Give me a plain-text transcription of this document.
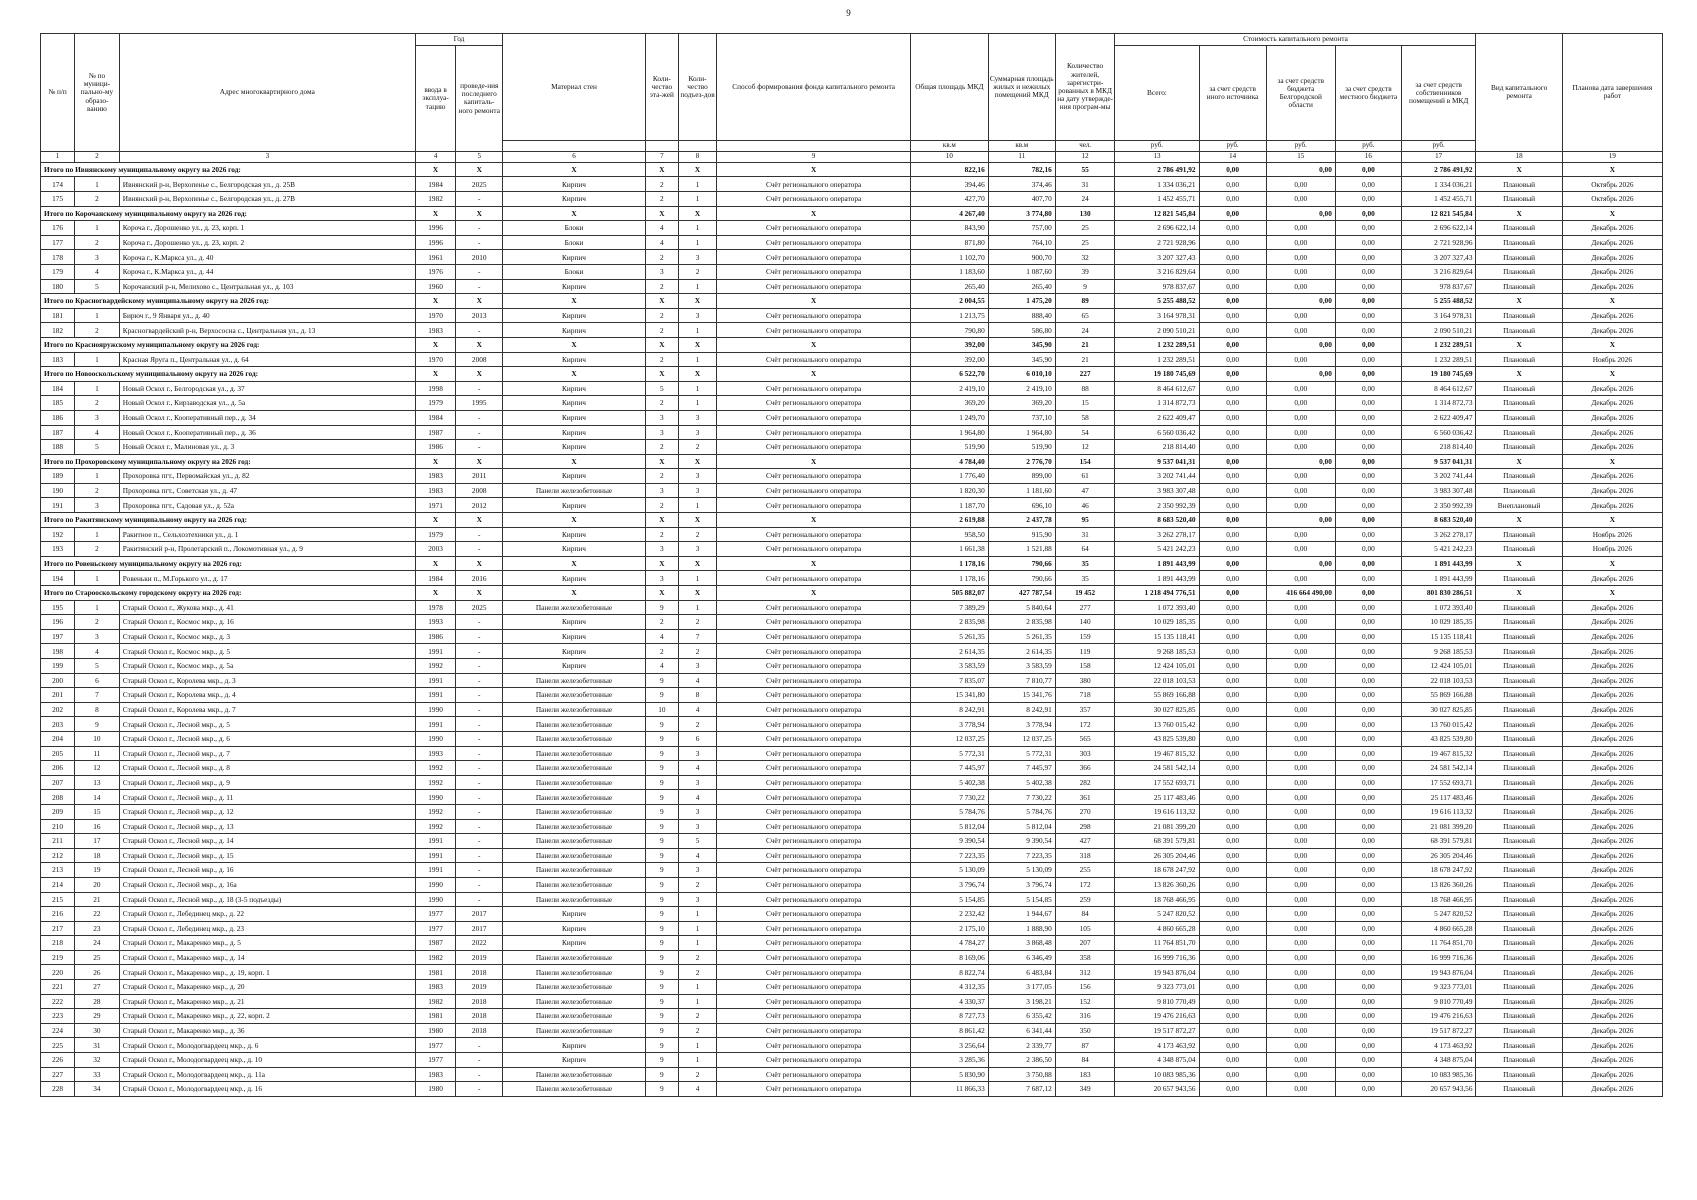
9
№ п/п	№ по муници-пально-му образо-ванию	Адрес многоквартирного дома	Год		Материал стен	Коли-чество эта-жей	Коли-чество подъез-дов	Способ формирования фонда капитального ремонта	Общая площадь МКД	Суммарная площадь жилых и нежилых помещений МКД	Количество жителей, зарегистри-рованных в МКД на дату утвержде-ния програм-мы	Стоимость капитального ремонта					Вид капитального ремонта	Планова дата завершения работ
			ввода в эксплуа-тацию	проведе-ния последнего капиталь-ного ремонта								Всего:	за счет средств иного источника	за счет средств бюджета Белгородской области	за счет средств местного бюджета	за счет средств собственников помещений в МКД		
									кв.м	кв.м	чел.	руб.	руб.	руб.	руб.	руб.		
1	2	3	4	5	6	7	8	9	10	11	12	13	14	15	16	17	18	19
Итого по Ивнянскому муниципальному округу на 2026 год:			X	X	X	X	X	X	822,16	782,16	55	2 786 491,92	0,00	0,00	0,00	2 786 491,92	X	X
174	1	Ивнянский р-н, Верхопенье с., Белгородская ул., д. 25В	1984	2025	Кирпич	2	1	Счёт регионального оператора	394,46	374,46	31	1 334 036,21	0,00	0,00	0,00	1 334 036,21	Плановый	Октябрь 2026
175	2	Ивнянский р-н, Верхопенье с., Белгородская ул., д. 27В	1982	-	Кирпич	2	1	Счёт регионального оператора	427,70	407,70	24	1 452 455,71	0,00	0,00	0,00	1 452 455,71	Плановый	Октябрь 2026
Итого по Корочанскому муниципальному округу на 2026 год:			X	X	X	X	X	X	4 267,40	3 774,80	130	12 821 545,84	0,00	0,00	0,00	12 821 545,84	X	X
176	1	Короча г., Дорошенко ул., д. 23, корп. 1	1996	-	Блоки	4	1	Счёт регионального оператора	843,90	757,00	25	2 696 622,14	0,00	0,00	0,00	2 696 622,14	Плановый	Декабрь 2026
177	2	Короча г., Дорошенко ул., д. 23, корп. 2	1996	-	Блоки	4	1	Счёт регионального оператора	871,80	764,10	25	2 721 928,96	0,00	0,00	0,00	2 721 928,96	Плановый	Декабрь 2026
178	3	Короча г., К.Маркса ул., д. 40	1961	2010	Кирпич	2	3	Счёт регионального оператора	1 102,70	900,70	32	3 207 327,43	0,00	0,00	0,00	3 207 327,43	Плановый	Декабрь 2026
179	4	Короча г., К.Маркса ул., д. 44	1976	-	Блоки	3	2	Счёт регионального оператора	1 183,60	1 087,60	39	3 216 829,64	0,00	0,00	0,00	3 216 829,64	Плановый	Декабрь 2026
180	5	Корочанский р-н, Мелихово с., Центральная ул., д. 103	1960	-	Кирпич	2	1	Счёт регионального оператора	265,40	265,40	9	978 837,67	0,00	0,00	0,00	978 837,67	Плановый	Декабрь 2026
Итого по Красногвардейскому муниципальному округу на 2026 год:			X	X	X	X	X	X	2 004,55	1 475,20	89	5 255 488,52	0,00	0,00	0,00	5 255 488,52	X	X
181	1	Бирюч г., 9 Января ул., д. 40	1970	2013	Кирпич	2	3	Счёт регионального оператора	1 213,75	888,40	65	3 164 978,31	0,00	0,00	0,00	3 164 978,31	Плановый	Декабрь 2026
182	2	Красногвардейский р-н, Верхососна с., Центральная ул., д. 13	1983	-	Кирпич	2	1	Счёт регионального оператора	790,80	586,80	24	2 090 510,21	0,00	0,00	0,00	2 090 510,21	Плановый	Декабрь 2026
Итого по Краснояружскому муниципальному округу на 2026 год:			X	X	X	X	X	X	392,00	345,90	21	1 232 289,51	0,00	0,00	0,00	1 232 289,51	X	X
183	1	Красная Яруга п., Центральная ул., д. 64	1970	2008	Кирпич	2	1	Счёт регионального оператора	392,00	345,90	21	1 232 289,51	0,00	0,00	0,00	1 232 289,51	Плановый	Ноябрь 2026
Итого по Новооскольскому муниципальному округу на 2026 год:			X	X	X	X	X	X	6 522,70	6 010,10	227	19 180 745,69	0,00	0,00	0,00	19 180 745,69	X	X
184	1	Новый Оскол г., Белгородская ул., д. 37	1998	-	Кирпич	5	1	Счёт регионального оператора	2 419,10	2 419,10	88	8 464 612,67	0,00	0,00	0,00	8 464 612,67	Плановый	Декабрь 2026
185	2	Новый Оскол г., Кирзаводская ул., д. 5а	1979	1995	Кирпич	2	1	Счёт регионального оператора	369,20	369,20	15	1 314 872,73	0,00	0,00	0,00	1 314 872,73	Плановый	Декабрь 2026
186	3	Новый Оскол г., Кооперативный пер., д. 34	1984	-	Кирпич	3	3	Счёт регионального оператора	1 249,70	737,10	58	2 622 409,47	0,00	0,00	0,00	2 622 409,47	Плановый	Декабрь 2026
187	4	Новый Оскол г., Кооперативный пер., д. 36	1987	-	Кирпич	3	3	Счёт регионального оператора	1 964,80	1 964,80	54	6 560 036,42	0,00	0,00	0,00	6 560 036,42	Плановый	Декабрь 2026
188	5	Новый Оскол г., Малиновая ул., д. 3	1986	-	Кирпич	2	2	Счёт регионального оператора	519,90	519,90	12	218 814,40	0,00	0,00	0,00	218 814,40	Плановый	Декабрь 2026
Итого по Прохоровскому муниципальному округу на 2026 год:			X	X	X	X	X	X	4 784,40	2 776,70	154	9 537 041,31	0,00	0,00	0,00	9 537 041,31	X	X
189	1	Прохоровка пгт., Первомайская ул., д. 82	1983	2011	Кирпич	2	3	Счёт регионального оператора	1 776,40	899,00	61	3 202 741,44	0,00	0,00	0,00	3 202 741,44	Плановый	Декабрь 2026
190	2	Прохоровка пгт., Советская ул., д. 47	1983	2008	Панели железобетонные	3	3	Счёт регионального оператора	1 820,30	1 181,60	47	3 983 307,48	0,00	0,00	0,00	3 983 307,48	Плановый	Декабрь 2026
191	3	Прохоровка пгт., Садовая ул., д. 52а	1971	2012	Кирпич	2	1	Счёт регионального оператора	1 187,70	696,10	46	2 350 992,39	0,00	0,00	0,00	2 350 992,39	Внеплановый	Декабрь 2026
Итого по Ракитянскому муниципальному округу на 2026 год:			X	X	X	X	X	X	2 619,88	2 437,78	95	8 683 520,40	0,00	0,00	0,00	8 683 520,40	X	X
192	1	Ракитное п., Сельхозтехники ул., д. 1	1979	-	Кирпич	2	2	Счёт регионального оператора	958,50	915,90	31	3 262 278,17	0,00	0,00	0,00	3 262 278,17	Плановый	Ноябрь 2026
193	2	Ракитянский р-н, Пролетарский п., Локомотивная ул., д. 9	2003	-	Кирпич	3	3	Счёт регионального оператора	1 661,38	1 521,88	64	5 421 242,23	0,00	0,00	0,00	5 421 242,23	Плановый	Ноябрь 2026
Итого по Ровеньскому муниципальному округу на 2026 год:			X	X	X	X	X	X	1 178,16	790,66	35	1 891 443,99	0,00	0,00	0,00	1 891 443,99	X	X
194	1	Ровеньки п., М.Горького ул., д. 17	1984	2016	Кирпич	3	1	Счёт регионального оператора	1 178,16	790,66	35	1 891 443,99	0,00	0,00	0,00	1 891 443,99	Плановый	Декабрь 2026
Итого по Старооскольскому городскому округу на 2026 год:			X	X	X	X	X	X	505 882,07	427 787,54	19 452	1 218 494 776,51	0,00	416 664 490,00	0,00	801 830 286,51	X	X
195	1	Старый Оскол г., Жукова мкр., д. 41	1978	2025	Панели железобетонные	9	1	Счёт регионального оператора	7 389,29	5 840,64	277	1 072 393,40	0,00	0,00	0,00	1 072 393,40	Плановый	Декабрь 2026
196	2	Старый Оскол г., Космос мкр., д. 16	1993	-	Кирпич	2	2	Счёт регионального оператора	2 835,98	2 835,98	140	10 029 185,35	0,00	0,00	0,00	10 029 185,35	Плановый	Декабрь 2026
197	3	Старый Оскол г., Космос мкр., д. 3	1986	-	Кирпич	4	7	Счёт регионального оператора	5 261,35	5 261,35	159	15 135 118,41	0,00	0,00	0,00	15 135 118,41	Плановый	Декабрь 2026
198	4	Старый Оскол г., Космос мкр., д. 5	1991	-	Кирпич	2	2	Счёт регионального оператора	2 614,35	2 614,35	119	9 268 185,53	0,00	0,00	0,00	9 268 185,53	Плановый	Декабрь 2026
199	5	Старый Оскол г., Космос мкр., д. 5а	1992	-	Кирпич	4	3	Счёт регионального оператора	3 583,59	3 583,59	158	12 424 105,01	0,00	0,00	0,00	12 424 105,01	Плановый	Декабрь 2026
200	6	Старый Оскол г., Королева мкр., д. 3	1991	-	Панели железобетонные	9	4	Счёт регионального оператора	7 835,07	7 810,77	380	22 018 103,53	0,00	0,00	0,00	22 018 103,53	Плановый	Декабрь 2026
201	7	Старый Оскол г., Королева мкр., д. 4	1991	-	Панели железобетонные	9	8	Счёт регионального оператора	15 341,80	15 341,76	718	55 869 166,88	0,00	0,00	0,00	55 869 166,88	Плановый	Декабрь 2026
202	8	Старый Оскол г., Королева мкр., д. 7	1990	-	Панели железобетонные	10	4	Счёт регионального оператора	8 242,91	8 242,91	357	30 027 825,85	0,00	0,00	0,00	30 027 825,85	Плановый	Декабрь 2026
203	9	Старый Оскол г., Лесной мкр., д. 5	1991	-	Панели железобетонные	9	2	Счёт регионального оператора	3 778,94	3 778,94	172	13 760 015,42	0,00	0,00	0,00	13 760 015,42	Плановый	Декабрь 2026
204	10	Старый Оскол г., Лесной мкр., д. 6	1990	-	Панели железобетонные	9	6	Счёт регионального оператора	12 037,25	12 037,25	565	43 825 539,80	0,00	0,00	0,00	43 825 539,80	Плановый	Декабрь 2026
205	11	Старый Оскол г., Лесной мкр., д. 7	1993	-	Панели железобетонные	9	3	Счёт регионального оператора	5 772,31	5 772,31	303	19 467 815,32	0,00	0,00	0,00	19 467 815,32	Плановый	Декабрь 2026
206	12	Старый Оскол г., Лесной мкр., д. 8	1992	-	Панели железобетонные	9	4	Счёт регионального оператора	7 445,97	7 445,97	366	24 581 542,14	0,00	0,00	0,00	24 581 542,14	Плановый	Декабрь 2026
207	13	Старый Оскол г., Лесной мкр., д. 9	1992	-	Панели железобетонные	9	3	Счёт регионального оператора	5 402,38	5 402,38	282	17 552 693,71	0,00	0,00	0,00	17 552 693,71	Плановый	Декабрь 2026
208	14	Старый Оскол г., Лесной мкр., д. 11	1990	-	Панели железобетонные	9	4	Счёт регионального оператора	7 730,22	7 730,22	361	25 117 483,46	0,00	0,00	0,00	25 117 483,46	Плановый	Декабрь 2026
209	15	Старый Оскол г., Лесной мкр., д. 12	1992	-	Панели железобетонные	9	3	Счёт регионального оператора	5 784,76	5 784,76	270	19 616 113,32	0,00	0,00	0,00	19 616 113,32	Плановый	Декабрь 2026
210	16	Старый Оскол г., Лесной мкр., д. 13	1992	-	Панели железобетонные	9	3	Счёт регионального оператора	5 812,04	5 812,04	298	21 081 399,20	0,00	0,00	0,00	21 081 399,20	Плановый	Декабрь 2026
211	17	Старый Оскол г., Лесной мкр., д. 14	1991	-	Панели железобетонные	9	5	Счёт регионального оператора	9 390,54	9 390,54	427	68 391 579,81	0,00	0,00	0,00	68 391 579,81	Плановый	Декабрь 2026
212	18	Старый Оскол г., Лесной мкр., д. 15	1991	-	Панели железобетонные	9	4	Счёт регионального оператора	7 223,35	7 223,35	318	26 305 204,46	0,00	0,00	0,00	26 305 204,46	Плановый	Декабрь 2026
213	19	Старый Оскол г., Лесной мкр., д. 16	1991	-	Панели железобетонные	9	3	Счёт регионального оператора	5 130,09	5 130,09	255	18 678 247,92	0,00	0,00	0,00	18 678 247,92	Плановый	Декабрь 2026
214	20	Старый Оскол г., Лесной мкр., д. 16а	1990	-	Панели железобетонные	9	2	Счёт регионального оператора	3 796,74	3 796,74	172	13 826 360,26	0,00	0,00	0,00	13 826 360,26	Плановый	Декабрь 2026
215	21	Старый Оскол г., Лесной мкр., д. 18 (3-5 подъезды)	1990	-	Панели железобетонные	9	3	Счёт регионального оператора	5 154,85	5 154,85	259	18 768 466,95	0,00	0,00	0,00	18 768 466,95	Плановый	Декабрь 2026
216	22	Старый Оскол г., Лебединец мкр., д. 22	1977	2017	Кирпич	9	1	Счёт регионального оператора	2 232,42	1 944,67	84	5 247 820,52	0,00	0,00	0,00	5 247 820,52	Плановый	Декабрь 2026
217	23	Старый Оскол г., Лебединец мкр., д. 23	1977	2017	Кирпич	9	1	Счёт регионального оператора	2 175,10	1 888,90	105	4 860 665,28	0,00	0,00	0,00	4 860 665,28	Плановый	Декабрь 2026
218	24	Старый Оскол г., Макаренко мкр., д. 5	1987	2022	Кирпич	9	1	Счёт регионального оператора	4 784,27	3 868,48	207	11 764 851,70	0,00	0,00	0,00	11 764 851,70	Плановый	Декабрь 2026
219	25	Старый Оскол г., Макаренко мкр., д. 14	1982	2019	Панели железобетонные	9	2	Счёт регионального оператора	8 169,06	6 346,49	358	16 999 716,36	0,00	0,00	0,00	16 999 716,36	Плановый	Декабрь 2026
220	26	Старый Оскол г., Макаренко мкр., д. 19, корп. 1	1981	2018	Панели железобетонные	9	2	Счёт регионального оператора	8 822,74	6 483,84	312	19 943 876,04	0,00	0,00	0,00	19 943 876,04	Плановый	Декабрь 2026
221	27	Старый Оскол г., Макаренко мкр., д. 20	1983	2019	Панели железобетонные	9	1	Счёт регионального оператора	4 312,35	3 177,05	156	9 323 773,01	0,00	0,00	0,00	9 323 773,01	Плановый	Декабрь 2026
222	28	Старый Оскол г., Макаренко мкр., д. 21	1982	2018	Панели железобетонные	9	1	Счёт регионального оператора	4 330,37	3 198,21	152	9 810 770,49	0,00	0,00	0,00	9 810 770,49	Плановый	Декабрь 2026
223	29	Старый Оскол г., Макаренко мкр., д. 22, корп. 2	1981	2018	Панели железобетонные	9	2	Счёт регионального оператора	8 727,73	6 355,42	316	19 476 216,63	0,00	0,00	0,00	19 476 216,63	Плановый	Декабрь 2026
224	30	Старый Оскол г., Макаренко мкр., д. 36	1980	2018	Панели железобетонные	9	2	Счёт регионального оператора	8 861,42	6 341,44	350	19 517 872,27	0,00	0,00	0,00	19 517 872,27	Плановый	Декабрь 2026
225	31	Старый Оскол г., Молодогвардеец мкр., д. 6	1977	-	Кирпич	9	1	Счёт регионального оператора	3 256,64	2 339,77	87	4 173 463,92	0,00	0,00	0,00	4 173 463,92	Плановый	Декабрь 2026
226	32	Старый Оскол г., Молодогвардеец мкр., д. 10	1977	-	Кирпич	9	1	Счёт регионального оператора	3 285,36	2 386,50	84	4 348 875,04	0,00	0,00	0,00	4 348 875,04	Плановый	Декабрь 2026
227	33	Старый Оскол г., Молодогвардеец мкр., д. 11а	1983	-	Панели железобетонные	9	2	Счёт регионального оператора	5 830,90	3 750,88	183	10 083 985,36	0,00	0,00	0,00	10 083 985,36	Плановый	Декабрь 2026
228	34	Старый Оскол г., Молодогвардеец мкр., д. 16	1980	-	Панели железобетонные	9	4	Счёт регионального оператора	11 866,33	7 687,12	349	20 657 943,56	0,00	0,00	0,00	20 657 943,56	Плановый	Декабрь 2026
